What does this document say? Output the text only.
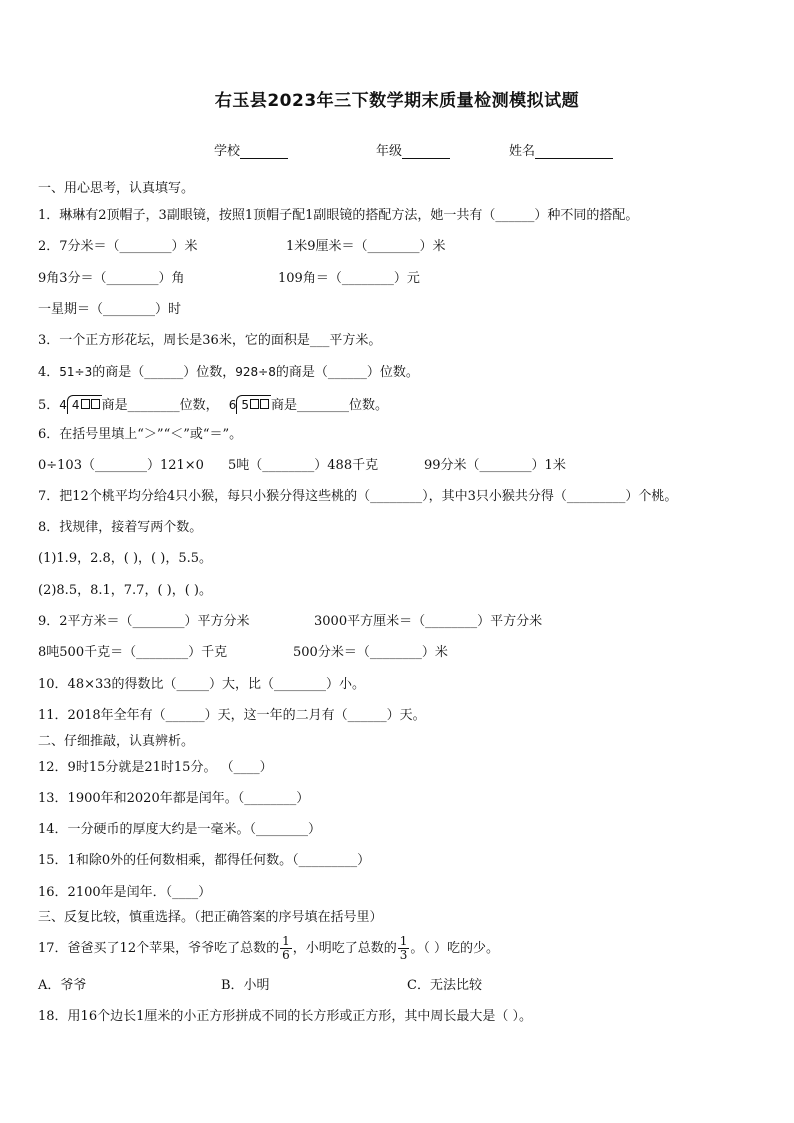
右玉县2023年三下数学期末质量检测模拟试题
学校	年级	姓名
一、用心思考，认真填写。
1．琳琳有2顶帽子，3副眼镜，按照1顶帽子配1副眼镜的搭配方法，她一共有（______）种不同的搭配。
2．7分米＝（________）米	1米9厘米＝（________）米
9角3分＝（________）角	109角＝（________）元
一星期＝（________）时
3．一个正方形花坛，周长是36米，它的面积是___平方米。
4．51÷3的商是（______）位数，928÷8的商是（______）位数。
5．4 4 商是________位数， 6 5 商是________位数。
6．在括号里填上“＞”“＜”或“＝”。
0÷103（________）121×0 5吨（________）488千克	99分米（________）1米
7．把12个桃平均分给4只小猴，每只小猴分得这些桃的（________），其中3只小猴共分得（_________）个桃。
8．找规律，接着写两个数。
(1)1.9，2.8，( )，( )，5.5。
(2)8.5，8.1，7.7，( )，( )。
9．2平方米＝（________）平方分米	3000平方厘米＝（________）平方分米
8吨500千克＝（________）千克	500分米＝（________）米
10．48×33的得数比（_____）大，比（________）小。
11．2018年全年有（______）天，这一年的二月有（______）天。
二、仔细推敲，认真辨析。
12．9时15分就是21时15分。 （____）
13．1900年和2020年都是闰年。（________）
14．一分硬币的厚度大约是一毫米。（________）
15．1和除0外的任何数相乘，都得任何数。（_________）
16．2100年是闰年．（____）
三、反复比较，慎重选择。（把正确答案的序号填在括号里）
17．爸爸买了12个苹果，爷爷吃了总数的 $\frac{1}{6}$ ，小明吃了总数的 $\frac{1}{3}$ 。（ ）吃的少。
A．爷爷	B．小明	C．无法比较
18．用16个边长1厘米的小正方形拼成不同的长方形或正方形，其中周长最大是（ ）。
